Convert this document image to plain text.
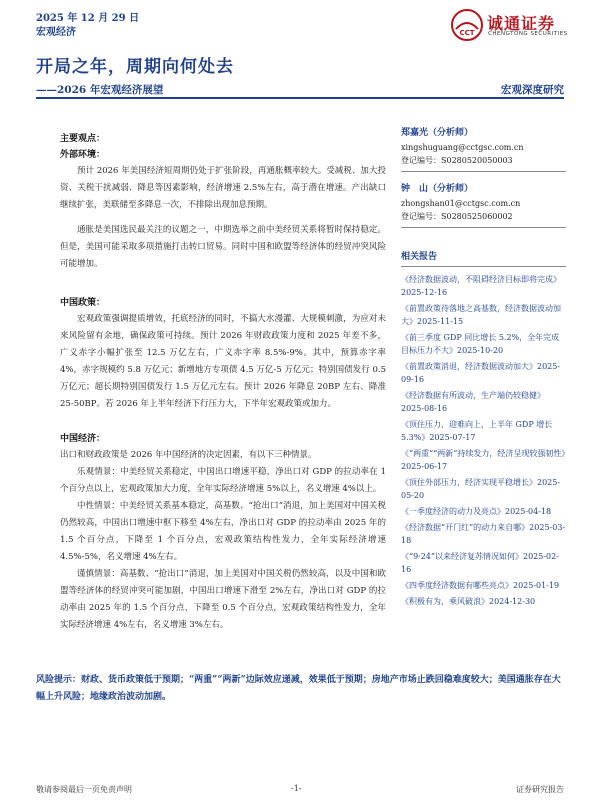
2025 年 12 月 29 日
宏观经济	CCT 诚通证券
CHENGTONG SECURITIES
开局之年，周期向何处去
——2026 年宏观经济展望	宏观深度研究
主要观点：
外部环境：

预计 2026 年美国经济短周期仍处于扩张阶段，再通胀概率较大。受减税、加大投资、关税干扰减弱、降息等因素影响，经济增速 2.5%左右，高于潜在增速。产出缺口继续扩张，美联储至多降息一次，不排除出现加息预期。

通胀是美国选民最关注的议题之一，中期选举之前中美经贸关系将暂时保持稳定。但是，美国可能采取多项措施打击转口贸易。同时中国和欧盟等经济体的经贸冲突风险可能增加。

中国政策：

宏观政策强调提质增效，托底经济的同时，不搞大水漫灌、大规模刺激，为应对未来风险留有余地，确保政策可持续。预计 2026 年财政政策力度和 2025 年差不多，广义赤字小幅扩张至 12.5 万亿左右，广义赤字率 8.5%-9%。其中，预算赤字率 4%，赤字规模约 5.8 万亿元；新增地方专项债 4.5 万亿-5 万亿元；特别国债发行 0.5 万亿元；超长期特别国债发行 1.5 万亿元左右。预计 2026 年降息 20BP 左右、降准 25-50BP。若 2026 年上半年经济下行压力大，下半年宏观政策或加力。

中国经济：

出口和财政政策是 2026 年中国经济的决定因素，有以下三种情景。

乐观情景：中美经贸关系稳定，中国出口增速平稳，净出口对 GDP 的拉动率在 1 个百分点以上，宏观政策加大力度，全年实际经济增速 5%以上，名义增速 4%以上。

中性情景：中美经贸关系基本稳定，高基数、“抢出口”消退，加上美国对中国关税仍然较高，中国出口增速中枢下移至 4%左右，净出口对 GDP 的拉动率由 2025 年的 1.5 个百分点，下降至 1 个百分点，宏观政策结构性发力，全年实际经济增速 4.5%-5%，名义增速 4%左右。

谨慎情景：高基数、“抢出口”消退，加上美国对中国关税仍然较高，以及中国和欧盟等经济体的经贸冲突可能加剧，中国出口增速下滑至 2%左右，净出口对 GDP 的拉动率由 2025 年的 1.5 个百分点，下降至 0.5 个百分点，宏观政策结构性发力，全年实际经济增速 4%左右，名义增速 3%左右。

风险提示：财政、货币政策低于预期；“两重”“两新”边际效应递减，效果低于预期；房地产市场止跌回稳难度较大；美国通胀存在大幅上升风险；地缘政治波动加剧。
郑嘉光（分析师）
xingshuguang@cctgsc.com.cn
登记编号：S0280520050003
钟　山（分析师）
zhongshan01@cctgsc.com.cn
登记编号：S0280525060002
相关报告
《经济数据波动，不阻碍经济目标即将完成》2025-12-16
《前置政策待落地之高基数，经济数据波动加大》2025-11-15
《前三季度 GDP 同比增长 5.2%，全年完成目标压力不大》2025-10-20
《前置政策消退，经济数据波动加大》2025-09-16
《经济数据有所波动，生产端仍较稳健》2025-08-16
《顶住压力，迎难向上，上半年 GDP 增长 5.3%》2025-07-17
《“两重”“两新”持续发力，经济呈现较强韧性》2025-06-17
《顶住外部压力，经济实现平稳增长》2025-05-20
《一季度经济的动力及亮点》2025-04-18
《经济数据“开门红”的动力来自哪》2025-03-18
《“9·24”以来经济复苏情况如何》2025-02-16
《四季度经济数据有哪些亮点》2025-01-19
《积极有为，乘风破浪》2024-12-30
敬请参阅最后一页免责声明	-1-	证券研究报告
